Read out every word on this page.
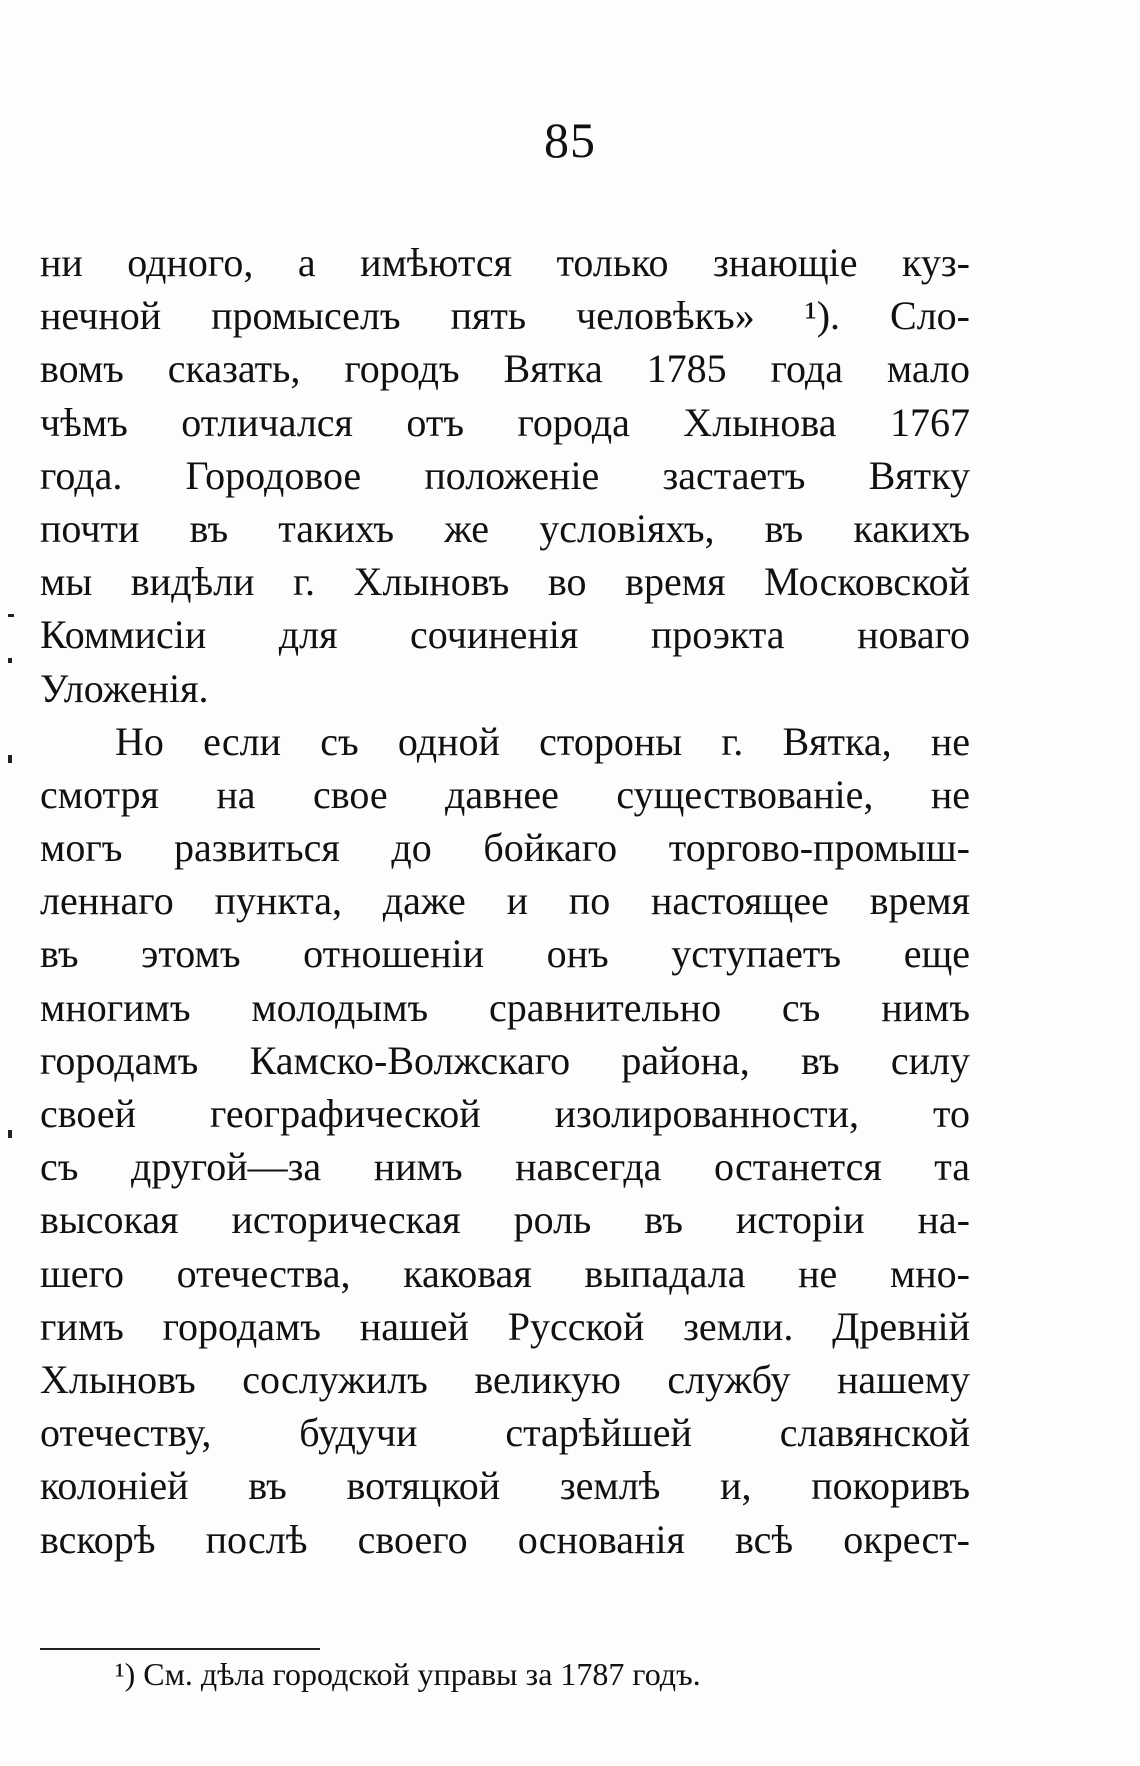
85
ни одного, а имѣются только знающіе куз-
нечной промыселъ пять человѣкъ» ¹). Сло-
вомъ сказать, городъ Вятка 1785 года мало
чѣмъ отличался отъ города Хлынова 1767
года. Городовое положеніе застаетъ Вятку
почти въ такихъ же условіяхъ, въ какихъ
мы видѣли г. Хлыновъ во время Московской
Коммисіи для сочиненія проэкта новаго
Уложенія.
Но если съ одной стороны г. Вятка, не
смотря на свое давнее существованіе, не
могъ развиться до бойкаго торгово-промыш-
леннаго пункта, даже и по настоящее время
въ этомъ отношеніи онъ уступаетъ еще
многимъ молодымъ сравнительно съ нимъ
городамъ Камско-Волжскаго района, въ силу
своей географической изолированности, то
съ другой—за нимъ навсегда останется та
высокая историческая роль въ исторіи на-
шего отечества, каковая выпадала не мно-
гимъ городамъ нашей Русской земли. Древній
Хлыновъ сослужилъ великую службу нашему
отечеству, будучи старѣйшей славянской
колоніей въ вотяцкой землѣ и, покоривъ
вскорѣ послѣ своего основанія всѣ окрест-
¹) См. дѣла городской управы за 1787 годъ.
